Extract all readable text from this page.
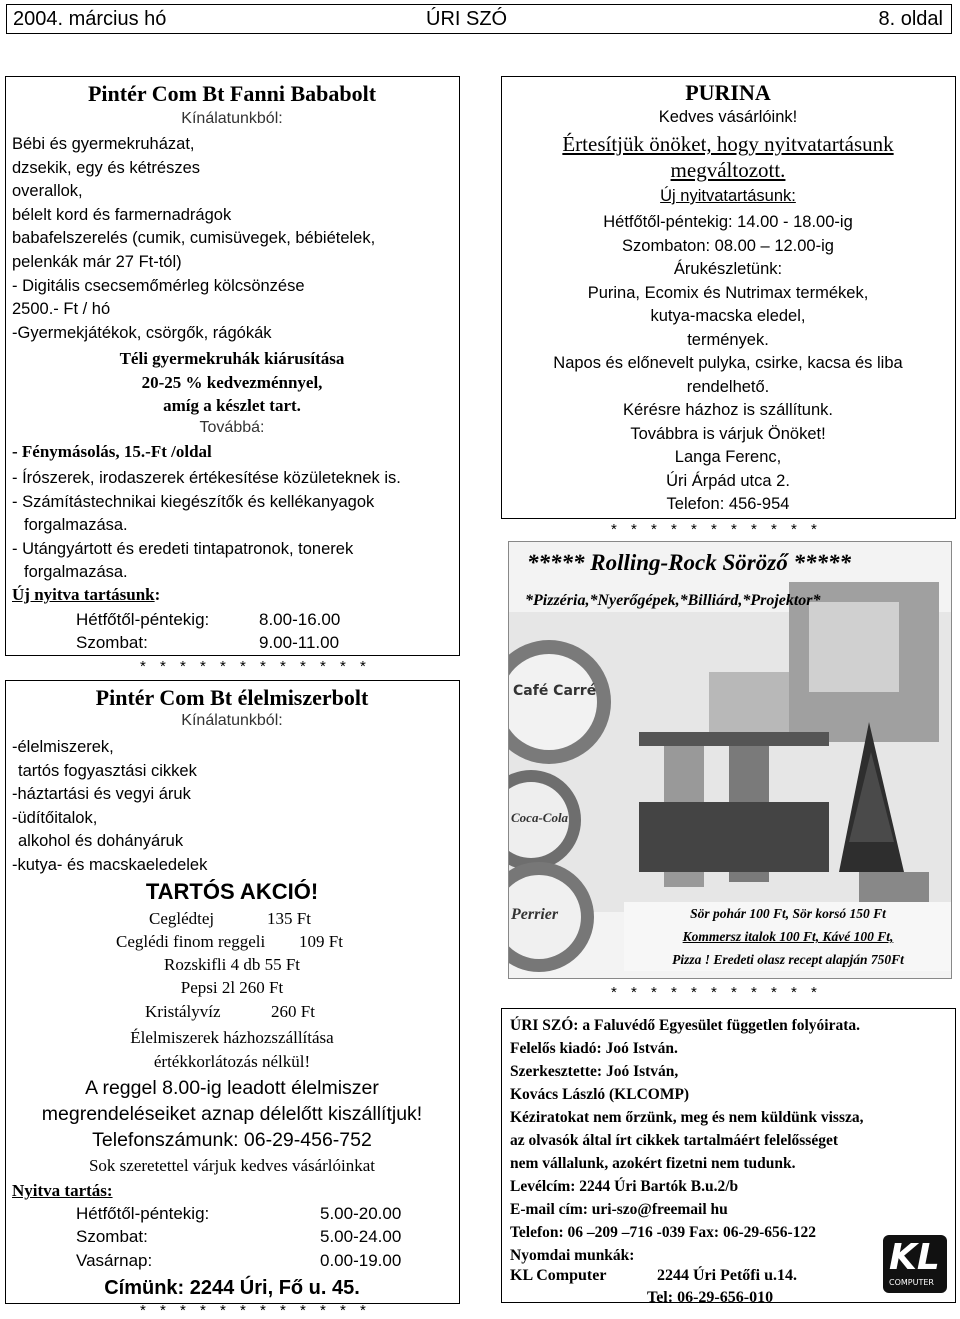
2004. március hó	ÚRI SZÓ	8. oldal
Pintér Com Bt Fanni Bababolt
Kínálatunkból:
Bébi és gyermekruházat,
dzsekik, egy és kétrészes
overallok,
bélelt kord és farmernadrágok
babafelszerelés (cumik, cumisüvegek, bébiételek,
pelenkák már 27 Ft-tól)
- Digitális csecsemőmérleg kölcsönzése
2500.- Ft / hó
-Gyermekjátékok, csörgők, rágókák
Téli gyermekruhák kiárusítása
20-25 % kedvezménnyel,
amíg a készlet tart.
Továbbá:
- Fénymásolás, 15.-Ft /oldal
- Írószerek, irodaszerek értékesítése közületeknek is.
- Számítástechnikai kiegészítők és kellékanyagok
forgalmazása.
- Utángyártott és eredeti tintapatronok, tonerek
forgalmazása.
Új nyitva tartásunk:
Hétfőtől-péntekig:	8.00-16.00
Szombat:	9.00-11.00
* * * * * * * * * * * *
Pintér Com Bt élelmiszerbolt
Kínálatunkból:
-élelmiszerek,
tartós fogyasztási cikkek
-háztartási és vegyi áruk
-üdítőitalok,
alkohol és dohányáruk
-kutya- és macskaeledelek
TARTÓS AKCIÓ!
Ceglédtej	135 Ft
Ceglédi finom reggeli 109 Ft
Rozskifli 4 db 55 Ft
Pepsi 2l 260 Ft
Kristályvíz	260 Ft
Élelmiszerek házhozszállítása
értékkorlátozás nélkül!
A reggel 8.00-ig leadott élelmiszer
megrendeléseiket aznap délelőtt kiszállítjuk!
Telefonszámunk: 06-29-456-752
Sok szeretettel várjuk kedves vásárlóinkat
Nyitva tartás:
Hétfőtől-péntekig:	5.00-20.00
Szombat:	5.00-24.00
Vasárnap:	0.00-19.00
Címünk: 2244 Úri, Fő u. 45.
* * * * * * * * * * * *
PURINA
Kedves vásárlóink!
Értesítjük önöket, hogy nyitvatartásunk
megváltozott.
Új nyitvatartásunk:
Hétfőtől-péntekig: 14.00 - 18.00-ig
Szombaton: 08.00 – 12.00-ig
Árukészletünk:
Purina, Ecomix és Nutrimax termékek,
kutya-macska eledel,
termények.
Napos és előnevelt pulyka, csirke, kacsa és liba
rendelhető.
Kérésre házhoz is szállítunk.
Továbbra is várjuk Önöket!
Langa Ferenc,
Úri Árpád utca 2.
Telefon: 456-954
* * * * * * * * * * *
Café Carré
Coca-Cola
Perrier
***** Rolling-Rock Söröző *****
*Pizzéria,*Nyerőgépek,*Billiárd,*Projektor*
Sör pohár 100 Ft, Sör korsó 150 Ft
Kommersz italok 100 Ft, Kávé 100 Ft,
Pizza ! Eredeti olasz recept alapján 750Ft
* * * * * * * * * * *
ÚRI SZÓ: a Faluvédő Egyesület független folyóirata.
Felelős kiadó: Joó István.
Szerkesztette: Joó István,
Kovács László (KLCOMP)
Kéziratokat nem őrzünk, meg és nem küldünk vissza,
az olvasók által írt cikkek tartalmáért felelősséget
nem vállalunk, azokért fizetni nem tudunk.
Levélcím: 2244 Úri Bartók B.u.2/b
E-mail cím: uri-szo@freemail hu
Telefon: 06 –209 –716 -039 Fax: 06-29-656-122
Nyomdai munkák:
KL Computer	2244 Úri Petőfi u.14.
Tel: 06-29-656-010
KL
COMPUTER
